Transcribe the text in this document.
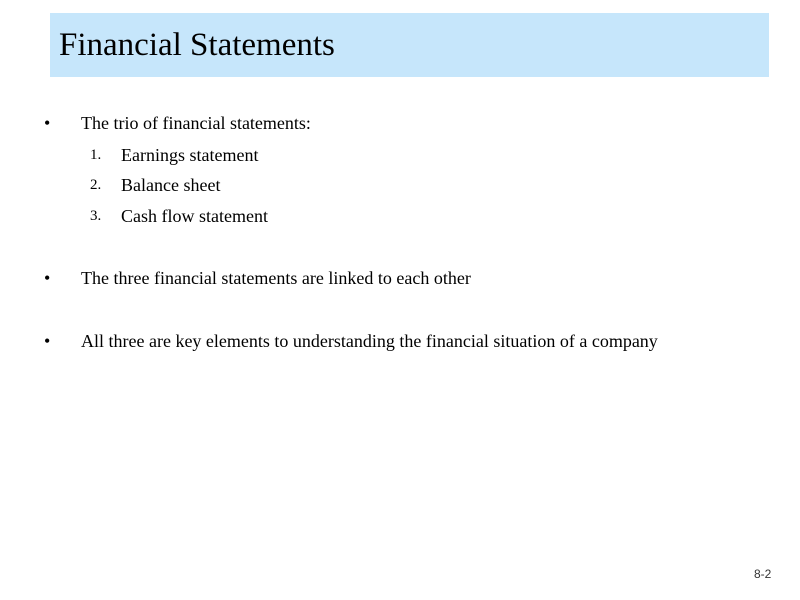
Financial Statements
• The trio of financial statements:
1. Earnings statement
2. Balance sheet
3. Cash flow statement
• The three financial statements are linked to each other
• All three are key elements to understanding the financial situation of a company
8-2
